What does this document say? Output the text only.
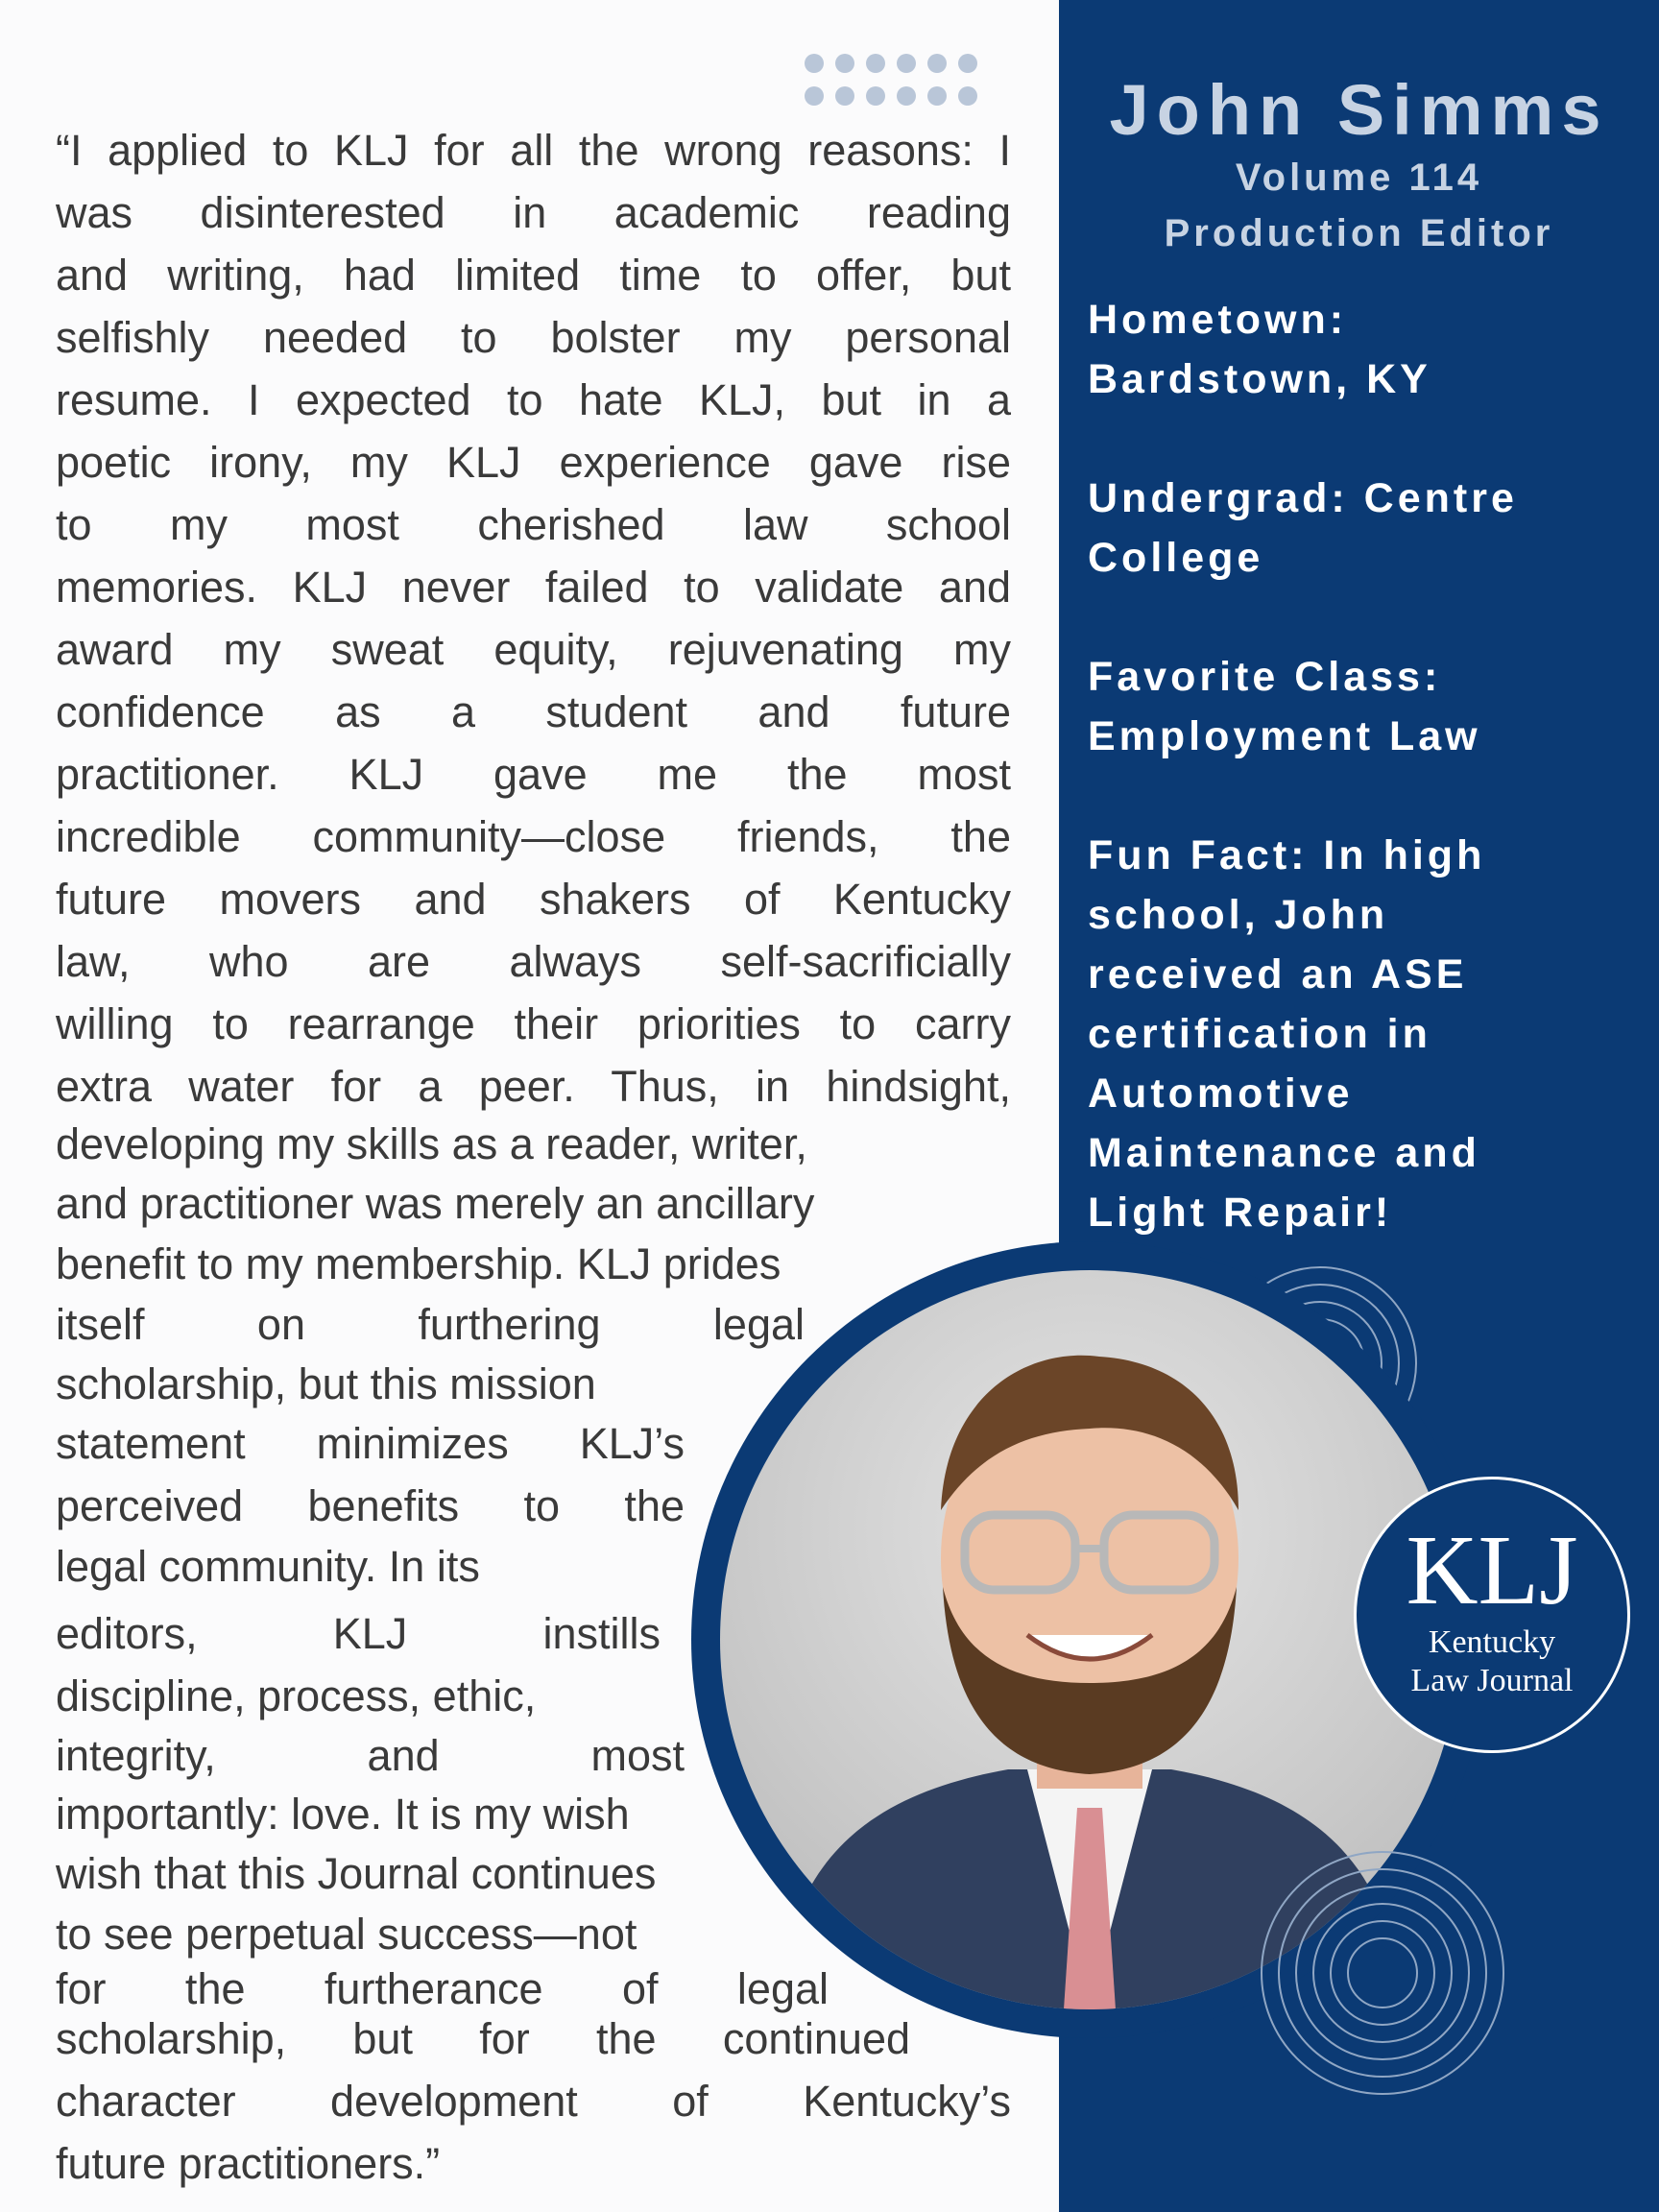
John Simms
Volume 114
Production Editor

Hometown:

Bardstown, KY

Undergrad: Centre

College

Favorite Class:

Employment Law

Fun Fact: In high

school, John

received an ASE

certification in

Automotive

Maintenance and

Light Repair!

“I applied to KLJ for all the wrong reasons: I
was disinterested in academic reading
and writing, had limited time to offer, but
selfishly needed to bolster my personal
resume. I expected to hate KLJ, but in a
poetic irony, my KLJ experience gave rise
to my most cherished law school
memories. KLJ never failed to validate and
award my sweat equity, rejuvenating my
confidence as a student and future
practitioner. KLJ gave me the most
incredible community—close friends, the
future movers and shakers of Kentucky
law, who are always self-sacrificially
willing to rearrange their priorities to carry
extra water for a peer. Thus, in hindsight,
developing my skills as a reader, writer,
and practitioner was merely an ancillary
benefit to my membership. KLJ prides
itself on furthering legal
scholarship, but this mission
statement minimizes KLJ’s
perceived benefits to the
legal community. In its
editors, KLJ instills
discipline, process, ethic,
integrity, and most
importantly: love. It is my wish
wish that this Journal continues
to see perpetual success—not
for the furtherance of legal
scholarship, but for the continued
character development of Kentucky’s
future practitioners.”
KLJ
Kentucky
Law Journal
